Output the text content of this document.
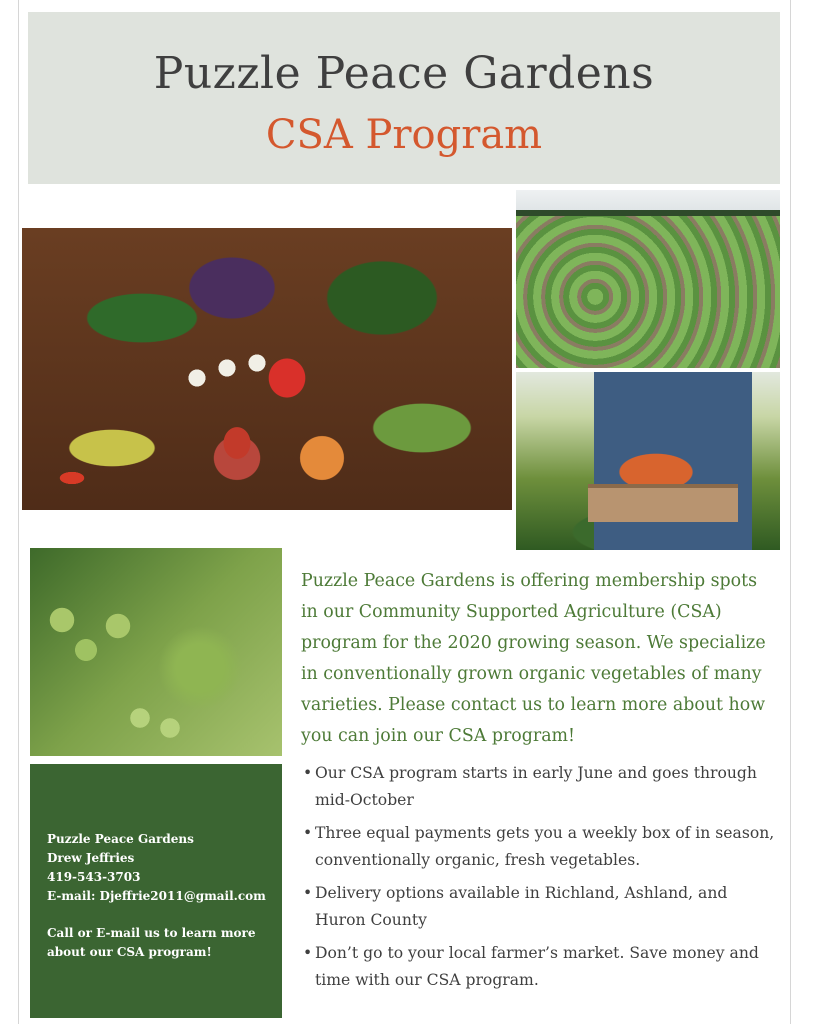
Puzzle Peace Gardens
CSA Program
Puzzle Peace Gardens is offering membership spots
in our Community Supported Agriculture (CSA)
program for the 2020 growing season. We specialize
in conventionally grown organic vegetables of many
varieties. Please contact us to learn more about how
you can join our CSA program!
• Our CSA program starts in early June and goes through
mid-October
• Three equal payments gets you a weekly box of in season,
conventionally organic, fresh vegetables.
• Delivery options available in Richland, Ashland, and
Huron County
• Don’t go to your local farmer’s market. Save money and
time with our CSA program.
Puzzle Peace Gardens
Drew Jeffries
419-543-3703
E-mail: Djeffrie2011@gmail.com
Call or E-mail us to learn more
about our CSA program!
